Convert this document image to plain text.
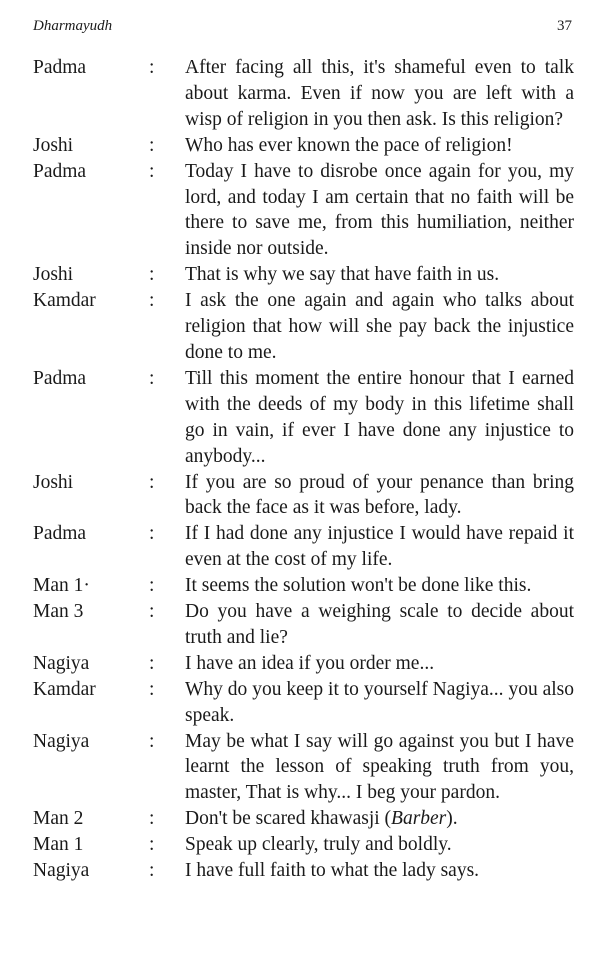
Dharmayudh	37
Padma	:	After facing all this, it's shameful even to talk about karma. Even if now you are left with a wisp of religion in you then ask. Is this religion?
Joshi	:	Who has ever known the pace of religion!
Padma	:	Today I have to disrobe once again for you, my lord, and today I am certain that no faith will be there to save me, from this humiliation, neither inside nor outside.
Joshi	:	That is why we say that have faith in us.
Kamdar	:	I ask the one again and again who talks about religion that how will she pay back the injustice done to me.
Padma	:	Till this moment the entire honour that I earned with the deeds of my body in this lifetime shall go in vain, if ever I have done any injustice to anybody...
Joshi	:	If you are so proud of your penance than bring back the face as it was before, lady.
Padma	:	If I had done any injustice I would have repaid it even at the cost of my life.
Man 1·	:	It seems the solution won't be done like this.
Man 3	:	Do you have a weighing scale to decide about truth and lie?
Nagiya	:	I have an idea if you order me...
Kamdar	:	Why do you keep it to yourself Nagiya... you also speak.
Nagiya	:	May be what I say will go against you but I have learnt the lesson of speaking truth from you, master, That is why... I beg your pardon.
Man 2	:	Don't be scared khawasji (Barber).
Man 1	:	Speak up clearly, truly and boldly.
Nagiya	:	I have full faith to what the lady says.
